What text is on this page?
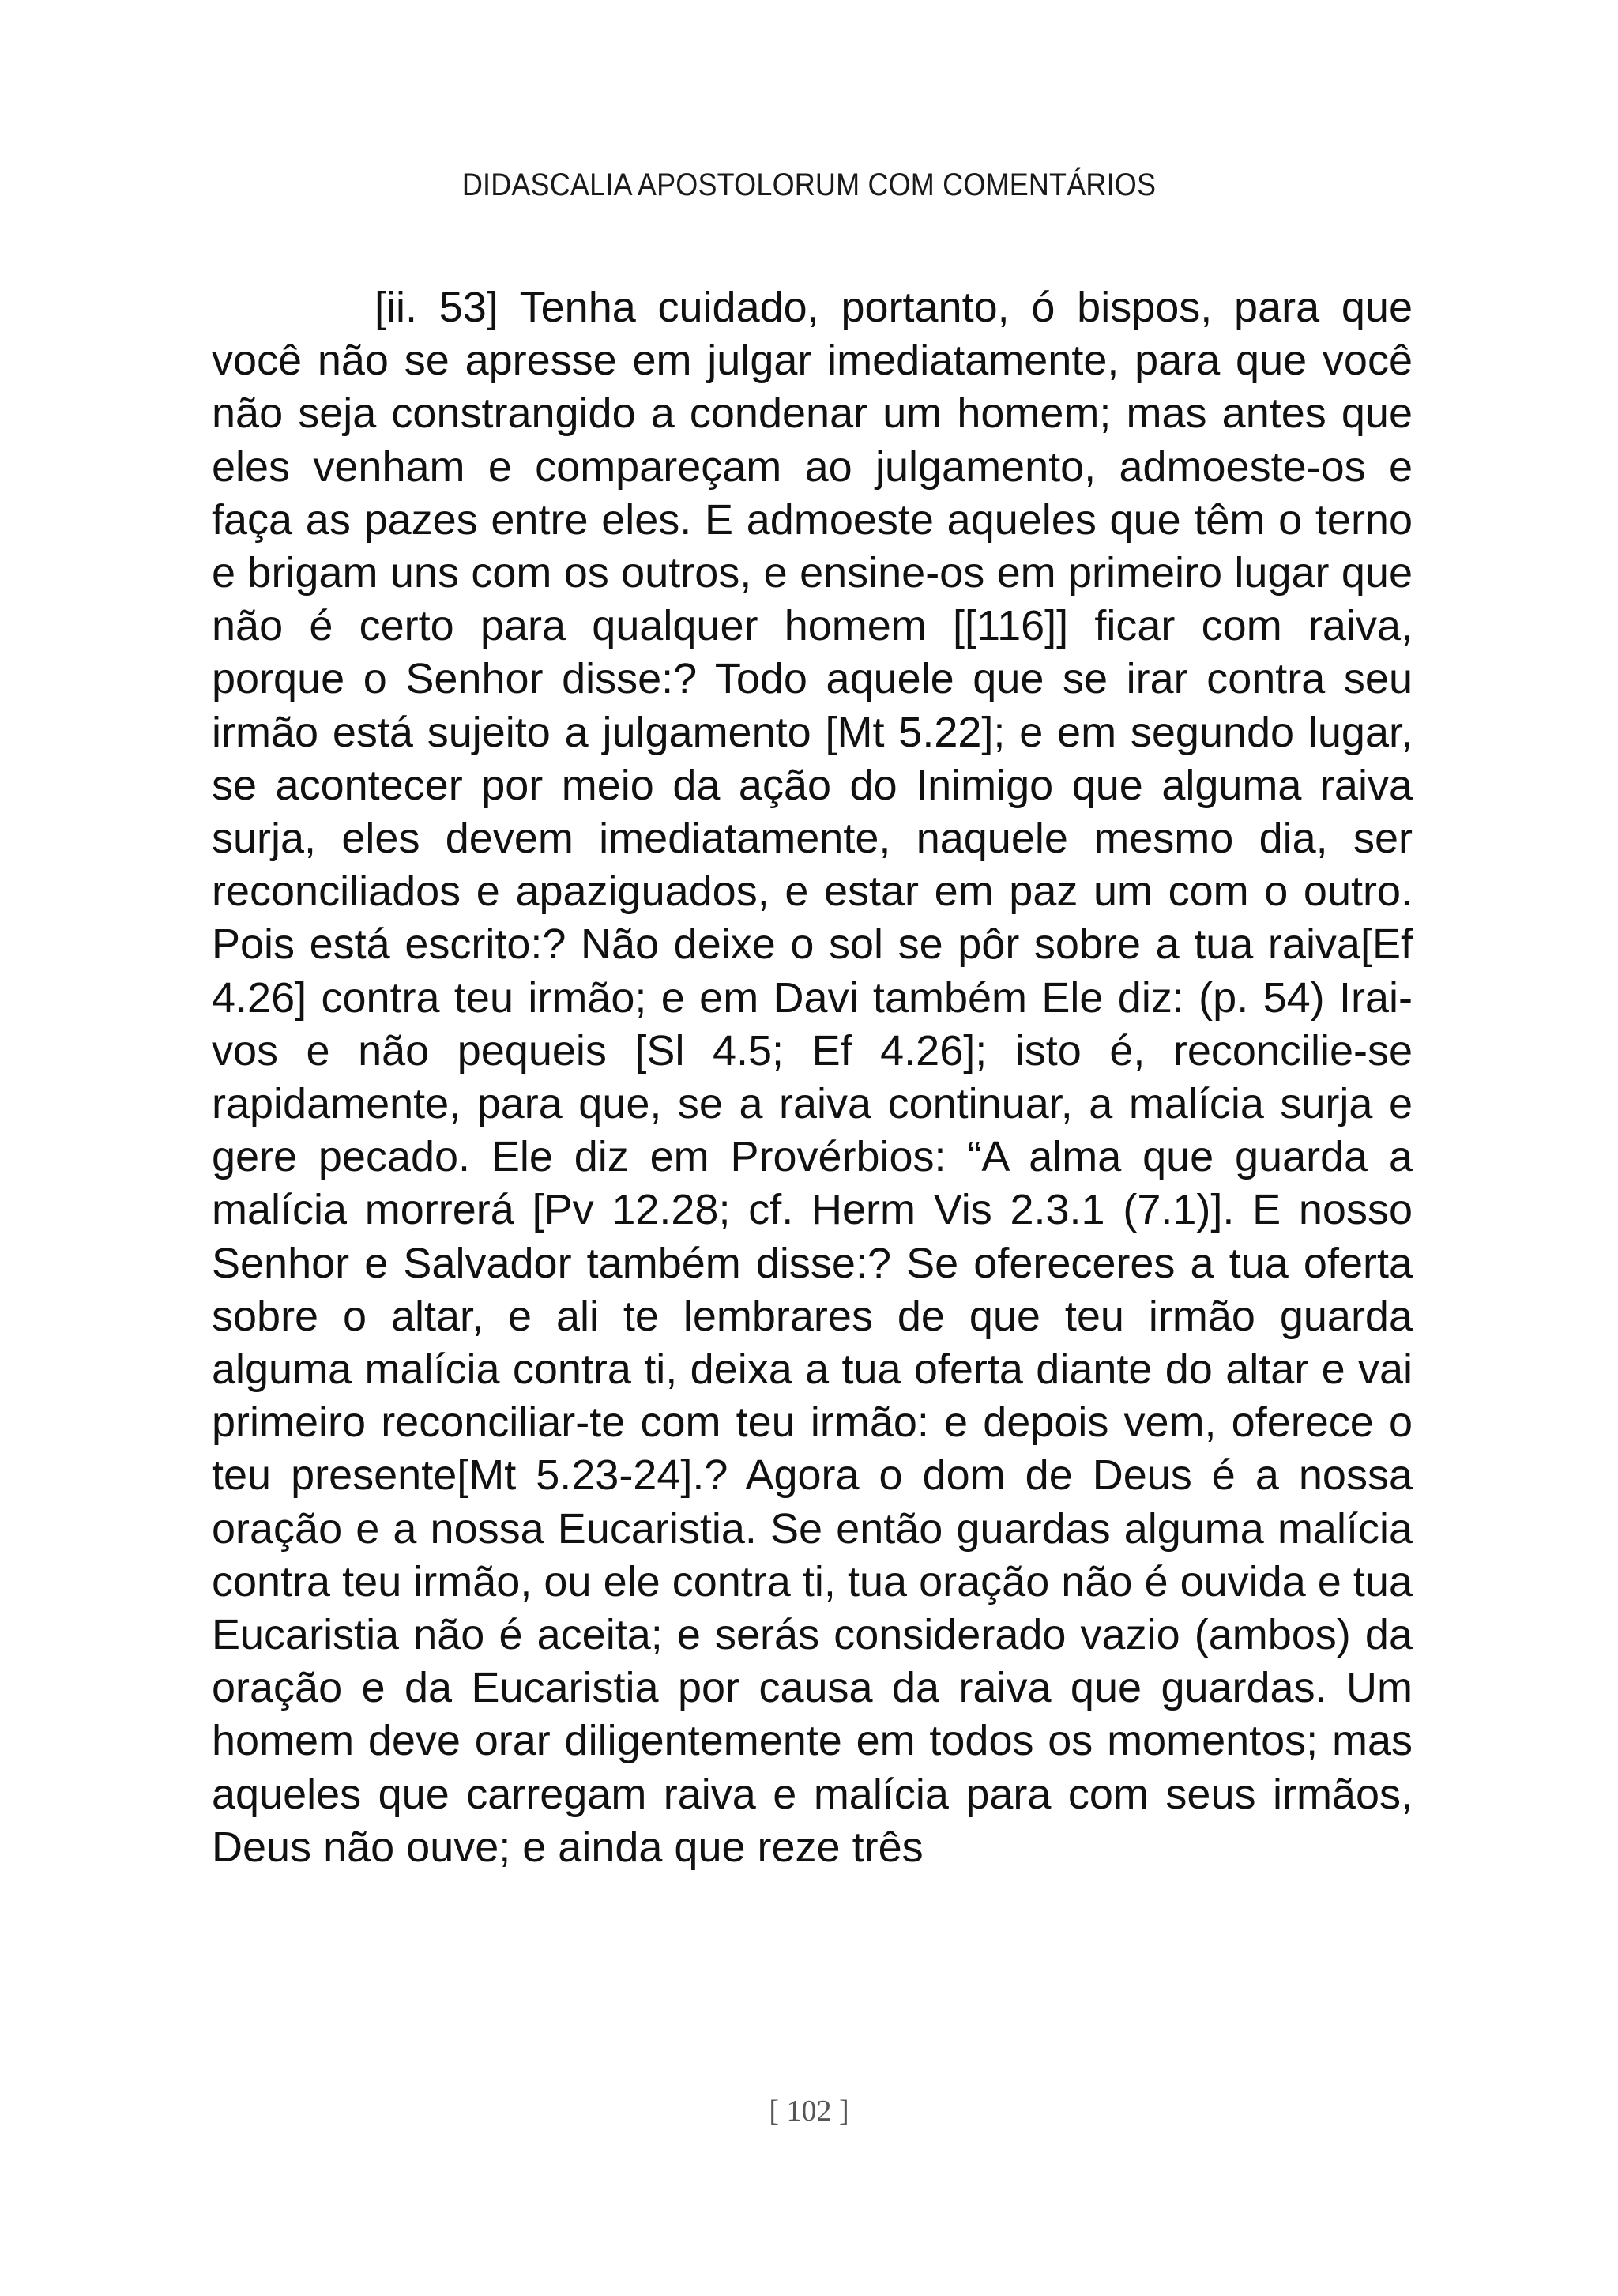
DIDASCALIA APOSTOLORUM COM COMENTÁRIOS

[ii. 53] Tenha cuidado, portanto, ó bispos, para que você não se apresse em julgar imediatamente, para que você não seja constrangido a condenar um homem; mas antes que eles venham e compareçam ao julgamento, admoeste-os e faça as pazes entre eles. E admoeste aqueles que têm o terno e brigam uns com os outros, e ensine-os em primeiro lugar que não é certo para qualquer homem [[116]] ficar com raiva, porque o Senhor disse:? Todo aquele que se irar contra seu irmão está sujeito a julgamento [Mt 5.22]; e em segundo lugar, se acontecer por meio da ação do Inimigo que alguma raiva surja, eles devem imediatamente, naquele mesmo dia, ser reconciliados e apaziguados, e estar em paz um com o outro. Pois está escrito:? Não deixe o sol se pôr sobre a tua raiva[Ef 4.26] contra teu irmão; e em Davi também Ele diz: (p. 54) Irai-vos e não pequeis [Sl 4.5; Ef 4.26]; isto é, reconcilie-se rapidamente, para que, se a raiva continuar, a malícia surja e gere pecado. Ele diz em Provérbios: “A alma que guarda a malícia morrerá [Pv 12.28; cf. Herm Vis 2.3.1 (7.1)]. E nosso Senhor e Salvador também disse:? Se ofereceres a tua oferta sobre o altar, e ali te lembrares de que teu irmão guarda alguma malícia contra ti, deixa a tua oferta diante do altar e vai primeiro reconciliar-te com teu irmão: e depois vem, oferece o teu presente[Mt 5.23-24].? Agora o dom de Deus é a nossa oração e a nossa Eucaristia. Se então guardas alguma malícia contra teu irmão, ou ele contra ti, tua oração não é ouvida e tua Eucaristia não é aceita; e serás considerado vazio (ambos) da oração e da Eucaristia por causa da raiva que guardas. Um homem deve orar diligentemente em todos os momentos; mas aqueles que carregam raiva e malícia para com seus irmãos, Deus não ouve; e ainda que reze três

[ 102 ]
